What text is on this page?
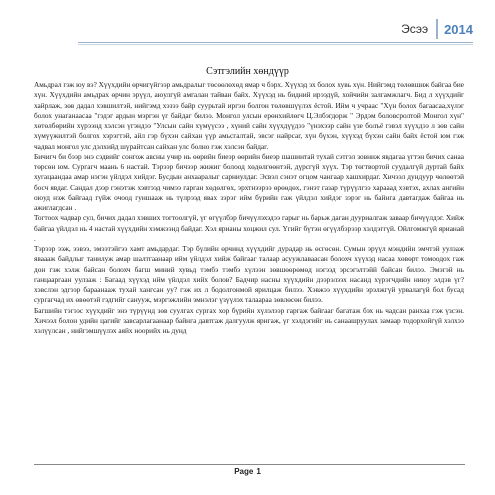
Эсээ 2014
Сэтгэлийн хөндүүр

Амьдрал гэж юу вэ? Хүүхдийн өрчигүйгээр амьдралыг төсөөлөхөд ямар ч бэрх. Хүүхэд эх болох хувь хүн. Нийгэмд төлөвшиж байгаа бие хүн. Хүүхдийн амьдрах өрчин эрүүл, аюулгүй амгалан тайван байх. Хүүхэд нь бидний ирээдүй, хойчийн залгамжлагч. Бид л хүүхдийг хайрлаж, зөв дадал хэвшилтэй, нийгэмд хэзээ байр суурьтай иргэн болгон төлөвшүүлэх ёстой. Ийм ч учраас "Хүн болох багаасаа,хүлэг болох унаганаасаа "гэдэг ардын мэргэн үг байдаг билээ. Монгол улсын ерөнхийлөгч Ц.Элбэгдорж " Эрдэм боловсролтой Монгол хүн" хөтөлбөрийн хүрээнд хэлсэн үгэндээ "Улсын сайн хүмүүсээ , хүний сайн хүүхдүүдээ "үнэхээр сайн үзе болъё гэвэл хүүхдээ л зөв сайн хүмүүжилтэй болгох хэрэгтэй, айл гэр бүхэн сайхан үүр амьсгалтай, эвсэг найрсаг, хүн бүхэн, хүүхэд бүхэн сайн байх ёстой юм гэж чадвал монгол улс дэлхийд шүрайтсан сайхан улс болно гэж хэлсэн байдаг.

Бичигч би бээр энэ сэдвийг сонгож авсны учир нь өөрийн биеэр өөрийн биеэр шашинтай тухай сэтгэл зовниж явдагаа үгтэн бичих санаа төрсөн юм. Сургагч маань 6 настай. Тэрээр бичээр жижиг болоод хөдөлгөөнтэй, дүрсгүй хүүх. Тэр төгтвортой суудалгүй дуртай байх хугацаандаа амар нэгэн үйлдэл хийдэг. Бусдын анхааралыг сарниулдаг. Эсвэл сэнэт огцом чангаар хашхирдаг. Хичээл дундуур чөлөөтэй босч явдаг. Сандал дээр гэнэтэж хэвтээд чимээ гарган хөдөлгөх, эрхтнээрээ өрөөдөх, гэнэт газар түрүүлгээ харааад хэвтэх, ахлах ангийн оюуд нэж байгаад гүйж очоод гуншааж нь түлрээд явах зэрэг ийм бүрийн гаж үйлдэл хийдэг зэрэг нь байнга давтагдаж байгаа нь ажиглагдсан .

Тогтоох чадвар сул, бичих дадал хэвших тогтоолгүй, үг өгүүлбэр бичүүлэхэдээ гарыг нь барьж даган дууриалгаж заваар бичүүлдэг. Хийж байгаа үйлдэл нь 4 настай хүүхдийн хэмжээнд байдаг. Хэл ярианы хоцжил сул. Үгийг бүтэн өгүүлбэрээр хэлдэггүй. Ойлгомжгүй ярианай .

Тэрээр ээж, ээвээ, эмээтэйгээ хамт амьдардаг. Тэр бүлийн өрчинд хүүхдийг дурадар нь өсгөсөн. Сумын эрүүл мэндийн эмчтэй уулзаж яваааж байдлыг танилуж амар шалтгаанаар ийм үйлдэл хийж байгааг талаар асуужлаваасан болохч хүүхэд насаа хөвөрт томоодох гаж дон гэж хэлж байсан болохч багш миний хувьд тэмбэ тэмбэ хүлээн зөвшөөрөмөд нэгээд эрсэгэлтэйй байсан билээ. Эмэгэй нь ганцааргаан уулзаж : Багаад хүүхэд нйм үйлдэл хийх болов? Бадчир насны хүүхдийн дээрэлээх насанд хүрэгчдийн ниюу элдэв үг? хэвслэн эдгээр бараанааж тухай хангсан уу? гэж их л бодолгонмой ярилцаж билээ. Хэвжээ хүүхдийн эрэлжгүй урвалагүй бол бусад сургагчад их өвөөтэй гэдгийг санууж, мэргэжлийн эмнэлэг үзүүлэх талаараа зөвлөсөн билээ.

Багшийн тэгээс хүүхдийг энэ түрүүнд зөв суулгах сургах хор бүрийн хүлэлээр гаргаж байгааг багатаж бэх нь чадсан ранхаа гэж үзсэн. Хичээл болон удийн цагийг завсарлагаанаар байнга давтгаж далгуулж ярнгаж, үг хэлдэгийг нь санаашруулах замаар тодорхойгүй хэлхээ хэлүүлсан , нийгэмшүүлэх аяйх ноорийх нь дунд

Page 1
